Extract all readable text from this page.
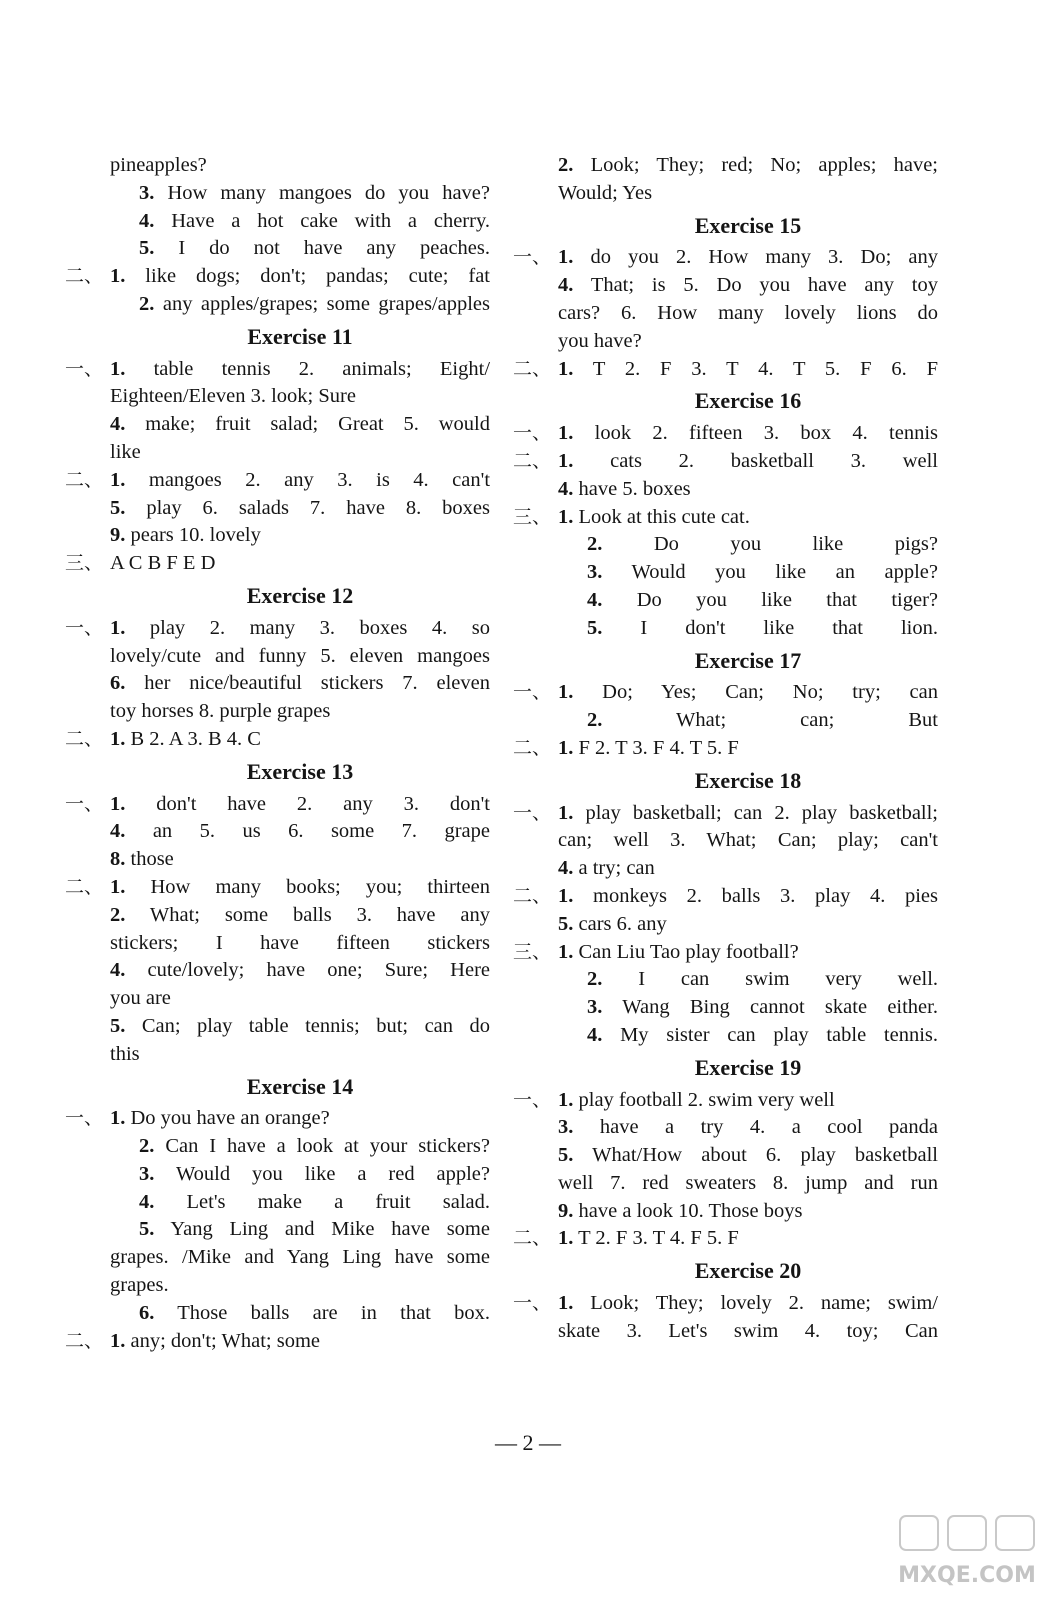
pineapples?
3. How many mangoes do you have?
4. Have a hot cake with a cherry.
5. I do not have any peaches.
二、 1. like dogs; don't; pandas; cute; fat
2. any apples/grapes; some grapes/apples
Exercise 11
一、 1. table tennis 2. animals; Eight/
Eighteen/Eleven 3. look; Sure
4. make; fruit salad; Great 5. would
like
二、 1. mangoes 2. any 3. is 4. can't
5. play 6. salads 7. have 8. boxes
9. pears 10. lovely
三、 A C B F E D
Exercise 12
一、 1. play 2. many 3. boxes 4. so
lovely/cute and funny 5. eleven mangoes
6. her nice/beautiful stickers 7. eleven
toy horses 8. purple grapes
二、 1. B 2. A 3. B 4. C
Exercise 13
一、 1. don't have 2. any 3. don't
4. an 5. us 6. some 7. grape
8. those
二、 1. How many books; you; thirteen
2. What; some balls 3. have any
stickers; I have fifteen stickers
4. cute/lovely; have one; Sure; Here
you are
5. Can; play table tennis; but; can do
this
Exercise 14
一、 1. Do you have an orange?
2. Can I have a look at your stickers?
3. Would you like a red apple?
4. Let's make a fruit salad.
5. Yang Ling and Mike have some
grapes. /Mike and Yang Ling have some
grapes.
6. Those balls are in that box.
二、 1. any; don't; What; some
2. Look; They; red; No; apples; have;
Would; Yes
Exercise 15
一、 1. do you 2. How many 3. Do; any
4. That; is 5. Do you have any toy
cars? 6. How many lovely lions do
you have?
二、 1. T 2. F 3. T 4. T 5. F 6. F
Exercise 16
一、 1. look 2. fifteen 3. box 4. tennis
二、 1. cats 2. basketball 3. well
4. have 5. boxes
三、 1. Look at this cute cat.
2.	Do you like pigs?
3. Would you like an apple?
4. Do you like that tiger?
5. I don't like that lion.
Exercise 17
一、 1. Do; Yes; Can; No; try; can
2.	What; can; But
二、 1. F 2. T 3. F 4. T 5. F
Exercise 18
一、 1. play basketball; can 2. play basketball;
can; well 3. What; Can; play; can't
4. a try; can
二、 1. monkeys 2. balls 3. play 4. pies
5. cars 6. any
三、 1. Can Liu Tao play football?
2. I can swim very well.
3. Wang Bing cannot skate either.
4. My sister can play table tennis.
Exercise 19
一、 1. play football 2. swim very well
3. have a try 4. a cool panda
5. What/How about 6. play basketball
well 7. red sweaters 8. jump and run
9. have a look 10. Those boys
二、 1. T 2. F 3. T 4. F 5. F
Exercise 20
一、 1. Look; They; lovely 2. name; swim/
skate 3. Let's swim 4. toy; Can
— 2 —
MXQE.COM
